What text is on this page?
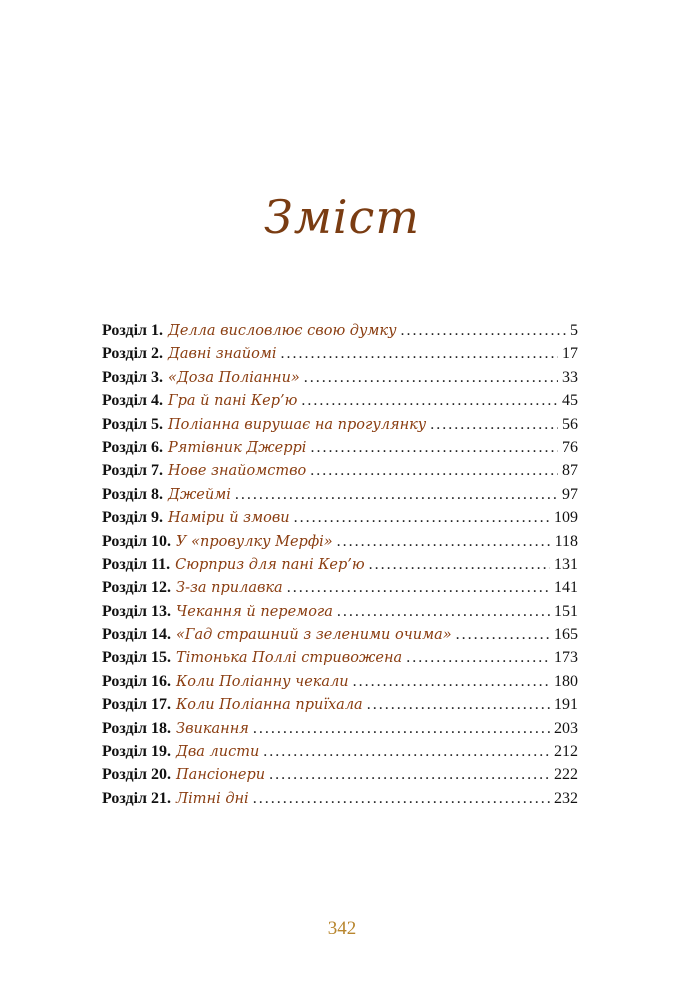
Зміст
Розділ 1. Делла висловлює свою думку . . .	5
Розділ 2. Давні знайомі . . .	17
Розділ 3. «Доза Поліанни» . . .	33
Розділ 4. Гра й пані Кер’ю . . .	45
Розділ 5. Поліанна вирушає на прогулянку . . .	56
Розділ 6. Рятівник Джеррі . . .	76
Розділ 7. Нове знайомство . . .	87
Розділ 8. Джеймі . . .	97
Розділ 9. Наміри й змови . . .	109
Розділ 10. У «провулку Мерфі» . . .	118
Розділ 11. Сюрприз для пані Кер’ю . . .	131
Розділ 12. З-за прилавка . . .	141
Розділ 13. Чекання й перемога . . .	151
Розділ 14. «Гад страшний з зеленими очима» . . .	165
Розділ 15. Тітонька Поллі стривожена . . .	173
Розділ 16. Коли Поліанну чекали . . .	180
Розділ 17. Коли Поліанна приїхала . . .	191
Розділ 18. Звикання . . .	203
Розділ 19. Два листи . . .	212
Розділ 20. Пансіонери . . .	222
Розділ 21. Літні дні . . .	232
342
